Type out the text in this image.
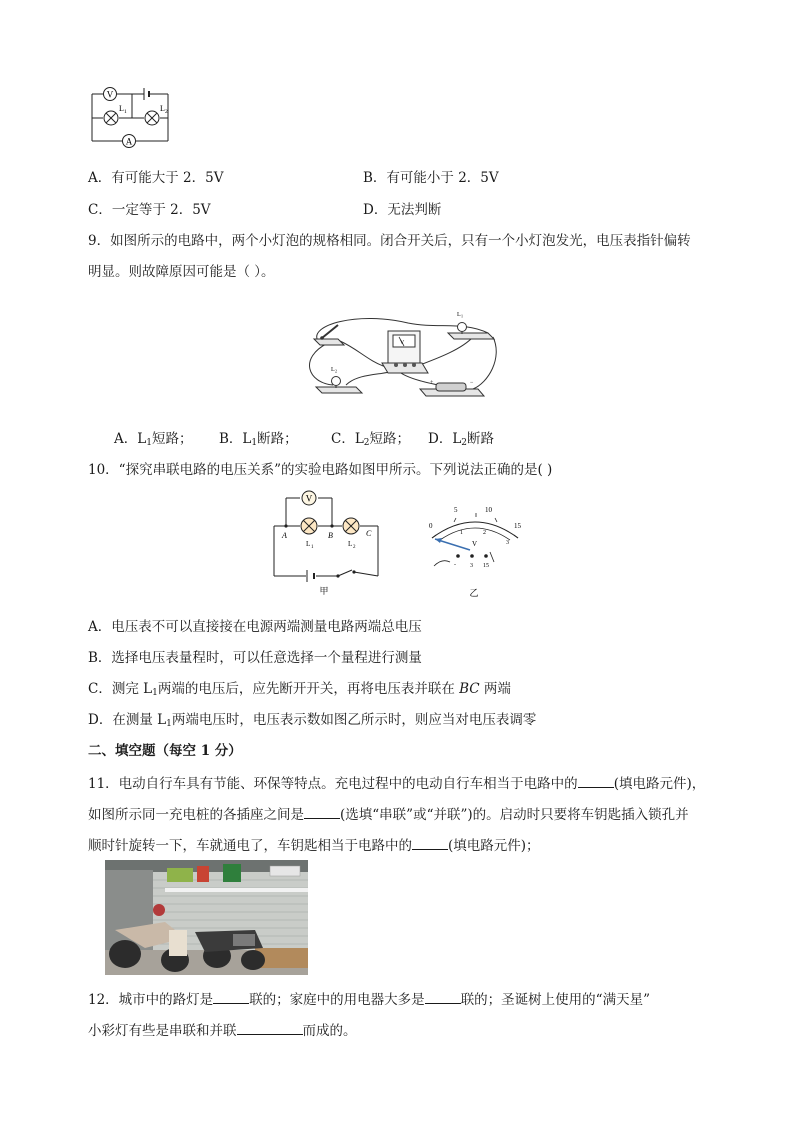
V
L 1	L 2
A
A．有可能大于 2．5V	B．有可能小于 2．5V
C．一定等于 2．5V	D．无法判断
9．如图所示的电路中，两个小灯泡的规格相同。闭合开关后，只有一个小灯泡发光，电压表指针偏转
明显。则故障原因可能是（ ）。
V
L 1
L 2
+	−
A．$L_1$短路； B．$L_1$断路； C．$L_2$短路； D．$L_2$断路
10．“探究串联电路的电压关系”的实验电路如图甲所示。下列说法正确的是( )
V
L 1	L 2
A	B	C
甲
0
5	10
15
1	2
3
V
- 3 15
乙
A．电压表不可以直接接在电源两端测量电路两端总电压
B．选择电压表量程时，可以任意选择一个量程进行测量
C．测完 $L_1$两端的电压后，应先断开开关，再将电压表并联在 BC 两端
D．在测量 $L_1$两端电压时，电压表示数如图乙所示时，则应当对电压表调零
二、填空题（每空 1 分）
11．电动自行车具有节能、环保等特点。充电过程中的电动自行车相当于电路中的	(填电路元件)，
如图所示同一充电桩的各插座之间是	(选填“串联”或“并联”)的。启动时只要将车钥匙插入锁孔并
顺时针旋转一下，车就通电了，车钥匙相当于电路中的	(填电路元件)；
12．城市中的路灯是	联的；家庭中的用电器大多是	联的；圣诞树上使用的“满天星”
小彩灯有些是串联和并联	而成的。
